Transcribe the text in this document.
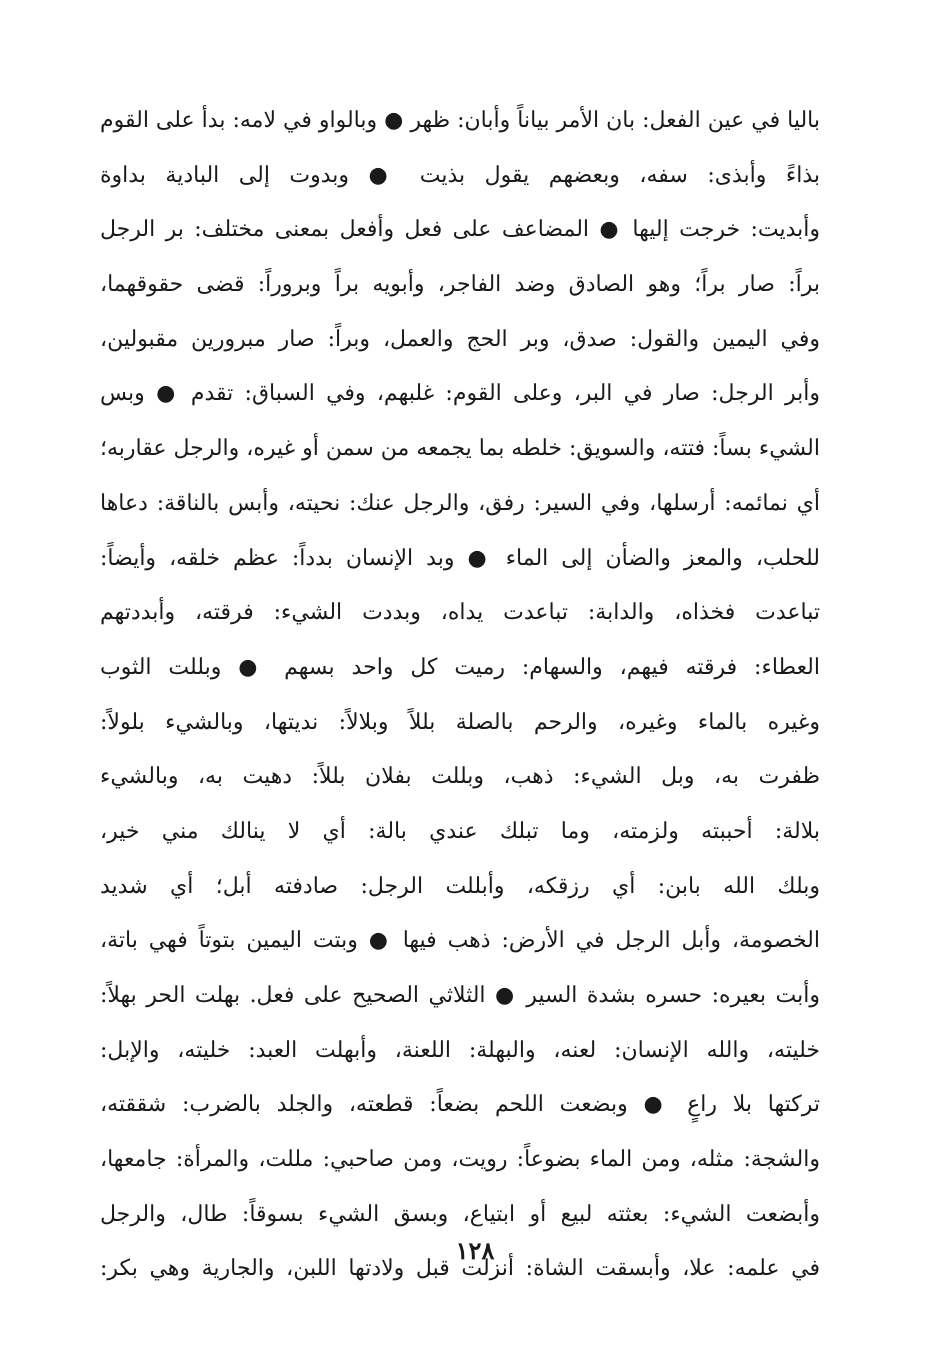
باليا في عين الفعل: بان الأمر بياناً وأبان: ظهر ● وبالواو في لامه: بدأ على القوم
بذاءً وأبذى: سفه، وبعضهم يقول بذيت ● وبدوت إلى البادية بداوة
وأبديت: خرجت إليها ● المضاعف على فعل وأفعل بمعنى مختلف: بر الرجل
براً: صار براً؛ وهو الصادق وضد الفاجر، وأبويه براً وبروراً: قضى حقوقهما،
وفي اليمين والقول: صدق، وبر الحج والعمل، وبراً: صار مبرورين مقبولين،
وأبر الرجل: صار في البر، وعلى القوم: غلبهم، وفي السباق: تقدم ● وبس
الشيء بساً: فتته، والسويق: خلطه بما يجمعه من سمن أو غيره، والرجل عقاربه؛
أي نمائمه: أرسلها، وفي السير: رفق، والرجل عنك: نحيته، وأبس بالناقة: دعاها
للحلب، والمعز والضأن إلى الماء ● وبد الإنسان بدداً: عظم خلقه، وأيضاً:
تباعدت فخذاه، والدابة: تباعدت يداه، وبددت الشيء: فرقته، وأبددتهم
العطاء: فرقته فيهم، والسهام: رميت كل واحد بسهم ● وبللت الثوب
وغيره بالماء وغيره، والرحم بالصلة بللاً وبلالاً: نديتها، وبالشيء بلولاً:
ظفرت به، وبل الشيء: ذهب، وبللت بفلان بللاً: دهيت به، وبالشيء
بلالة: أحببته ولزمته، وما تبلك عندي بالة: أي لا ينالك مني خير،
وبلك الله بابن: أي رزقكه، وأبللت الرجل: صادفته أبل؛ أي شديد
الخصومة، وأبل الرجل في الأرض: ذهب فيها ● وبتت اليمين بتوتاً فهي باتة،
وأبت بعيره: حسره بشدة السير ● الثلاثي الصحيح على فعل. بهلت الحر بهلاً:
خليته، والله الإنسان: لعنه، والبهلة: اللعنة، وأبهلت العبد: خليته، والإبل:
تركتها بلا راعٍ ● وبضعت اللحم بضعاً: قطعته، والجلد بالضرب: شققته،
والشجة: مثله، ومن الماء بضوعاً: رويت، ومن صاحبي: مللت، والمرأة: جامعها،
وأبضعت الشيء: بعثته لبيع أو ابتياع، وبسق الشيء بسوقاً: طال، والرجل
في علمه: علا، وأبسقت الشاة: أنزلت قبل ولادتها اللبن، والجارية وهي بكر:
١٢٨
